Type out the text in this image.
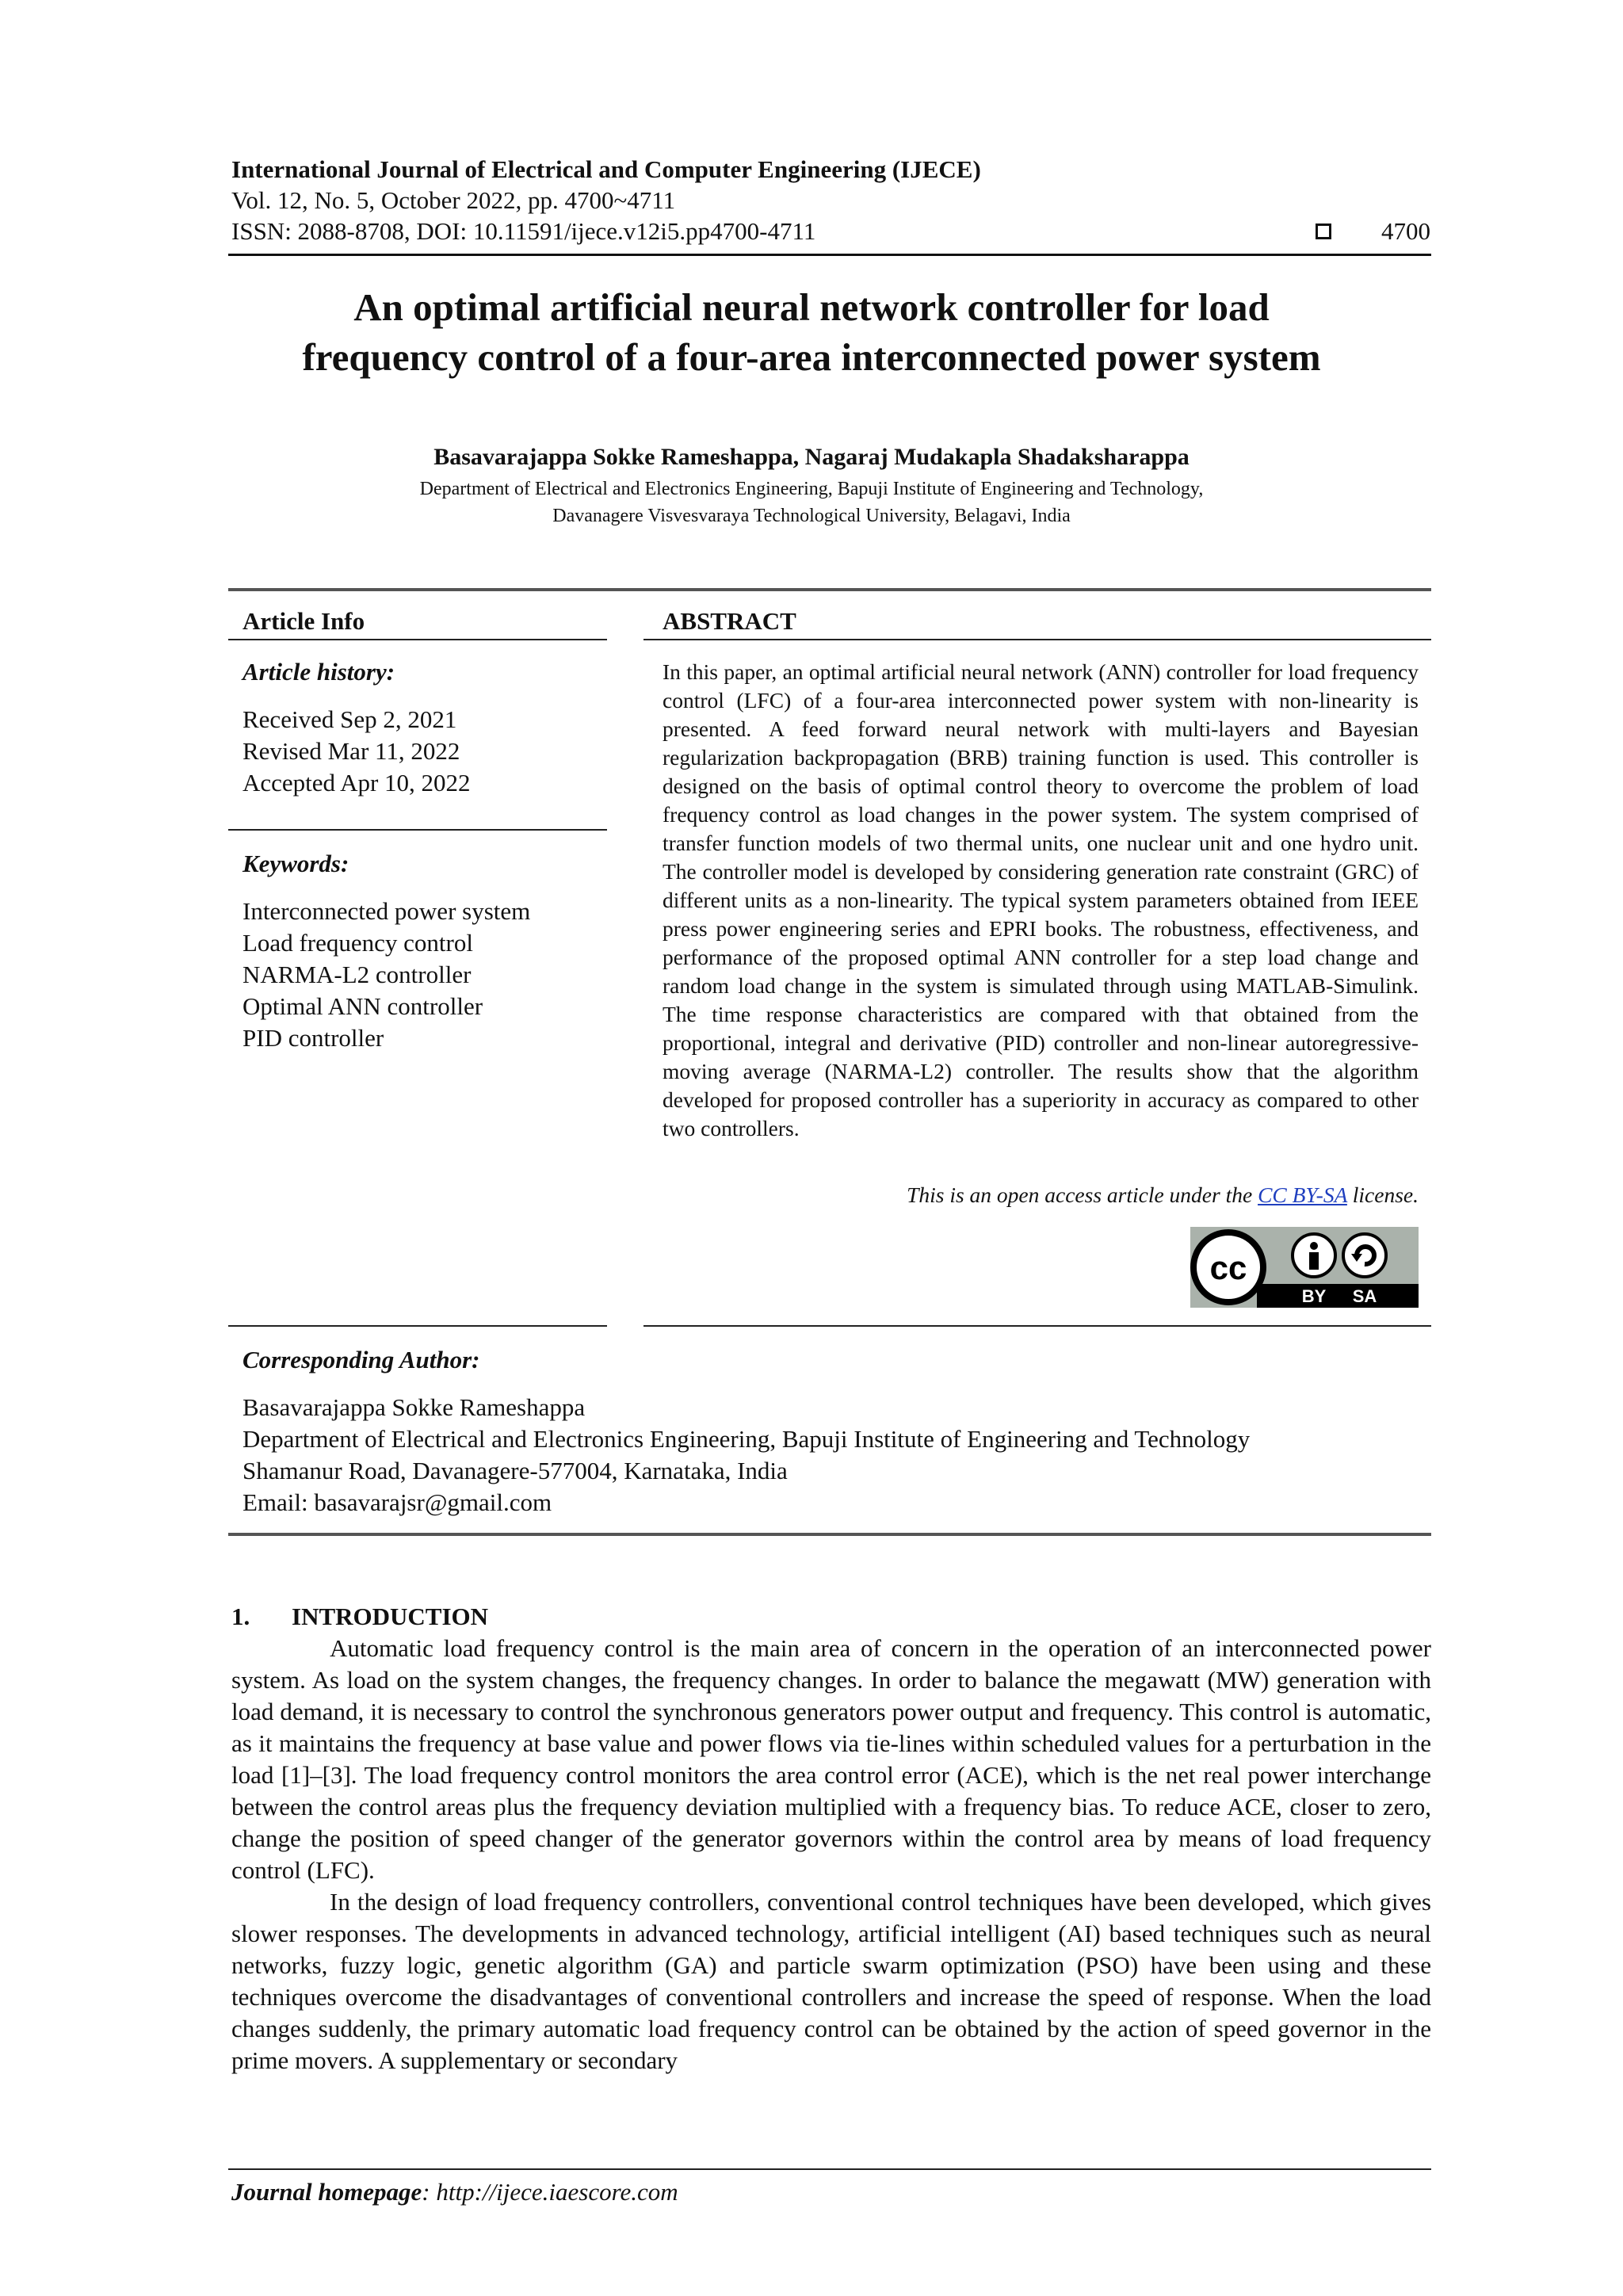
International Journal of Electrical and Computer Engineering (IJECE)
Vol. 12, No. 5, October 2022, pp. 4700~4711
ISSN: 2088-8708, DOI: 10.11591/ijece.v12i5.pp4700-4711	4700
An optimal artificial neural network controller for load
frequency control of a four-area interconnected power system
Basavarajappa Sokke Rameshappa, Nagaraj Mudakapla Shadaksharappa
Department of Electrical and Electronics Engineering, Bapuji Institute of Engineering and Technology,
Davanagere Visvesvaraya Technological University, Belagavi, India
Article Info
Article history:
Received Sep 2, 2021
Revised Mar 11, 2022
Accepted Apr 10, 2022
Keywords:
Interconnected power system
Load frequency control
NARMA-L2 controller
Optimal ANN controller
PID controller
ABSTRACT
In this paper, an optimal artificial neural network (ANN) controller for load frequency control (LFC) of a four-area interconnected power system with non-linearity is presented. A feed forward neural network with multi-layers and Bayesian regularization backpropagation (BRB) training function is used. This controller is designed on the basis of optimal control theory to overcome the problem of load frequency control as load changes in the power system. The system comprised of transfer function models of two thermal units, one nuclear unit and one hydro unit. The controller model is developed by considering generation rate constraint (GRC) of different units as a non-linearity. The typical system parameters obtained from IEEE press power engineering series and EPRI books. The robustness, effectiveness, and performance of the proposed optimal ANN controller for a step load change and random load change in the system is simulated through using MATLAB-Simulink. The time response characteristics are compared with that obtained from the proportional, integral and derivative (PID) controller and non-linear autoregressive-moving average (NARMA-L2) controller. The results show that the algorithm developed for proposed controller has a superiority in accuracy as compared to other two controllers.
This is an open access article under the CC BY-SA license.
cc
BY SA
Corresponding Author:
Basavarajappa Sokke Rameshappa
Department of Electrical and Electronics Engineering, Bapuji Institute of Engineering and Technology
Shamanur Road, Davanagere-577004, Karnataka, India
Email: basavarajsr@gmail.com
1. INTRODUCTION

Automatic load frequency control is the main area of concern in the operation of an interconnected power system. As load on the system changes, the frequency changes. In order to balance the megawatt (MW) generation with load demand, it is necessary to control the synchronous generators power output and frequency. This control is automatic, as it maintains the frequency at base value and power flows via tie-lines within scheduled values for a perturbation in the load [1]–[3]. The load frequency control monitors the area control error (ACE), which is the net real power interchange between the control areas plus the frequency deviation multiplied with a frequency bias. To reduce ACE, closer to zero, change the position of speed changer of the generator governors within the control area by means of load frequency control (LFC).

In the design of load frequency controllers, conventional control techniques have been developed, which gives slower responses. The developments in advanced technology, artificial intelligent (AI) based techniques such as neural networks, fuzzy logic, genetic algorithm (GA) and particle swarm optimization (PSO) have been using and these techniques overcome the disadvantages of conventional controllers and increase the speed of response. When the load changes suddenly, the primary automatic load frequency control can be obtained by the action of speed governor in the prime movers. A supplementary or secondary

Journal homepage: http://ijece.iaescore.com
